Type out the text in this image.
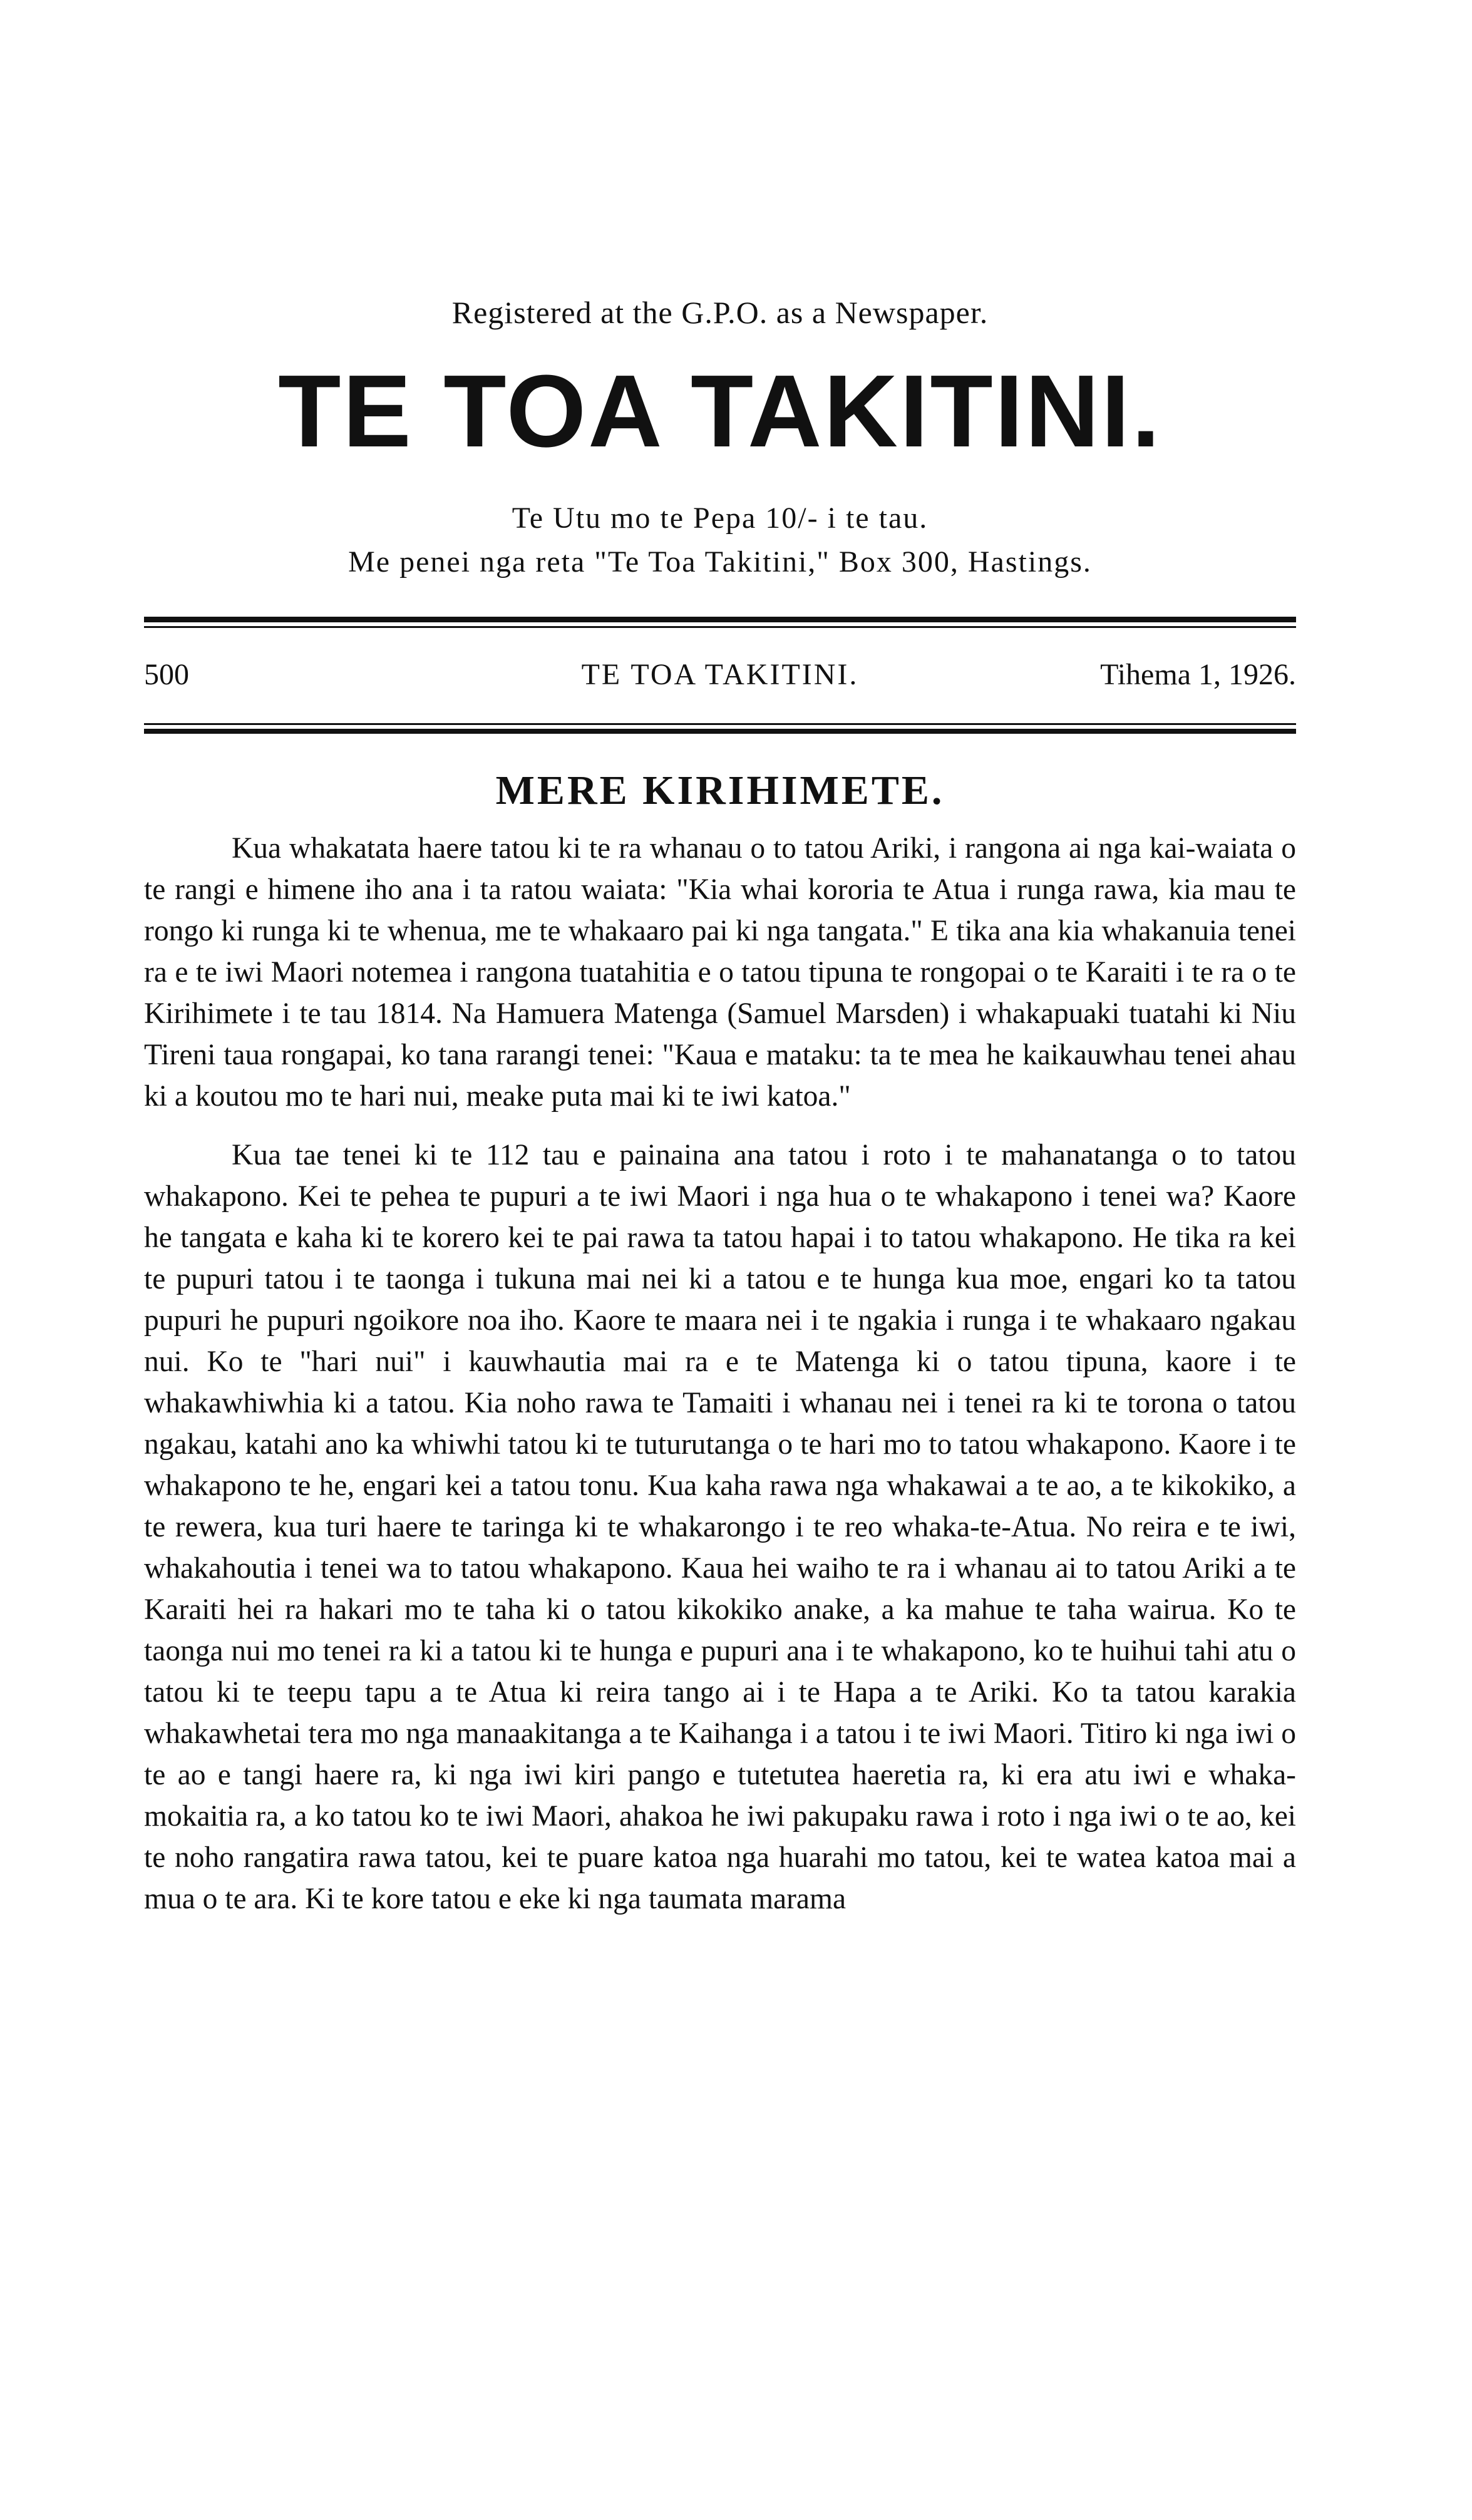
Registered at the G.P.O. as a Newspaper.
TE TOA TAKITINI.
Te Utu mo te Pepa 10/- i te tau.
Me penei nga reta "Te Toa Takitini," Box 300, Hastings.
500	TE TOA TAKITINI.	Tihema 1, 1926.
MERE KIRIHIMETE.

Kua whakatata haere tatou ki te ra whanau o to tatou Ariki, i rangona ai nga kai-waiata o te rangi e himene iho ana i ta ratou waiata: "Kia whai kororia te Atua i runga rawa, kia mau te rongo ki runga ki te whenua, me te whakaaro pai ki nga tangata." E tika ana kia whakanuia tenei ra e te iwi Maori notemea i rangona tuatahitia e o tatou tipuna te rongopai o te Karaiti i te ra o te Kirihimete i te tau 1814. Na Hamuera Matenga (Samuel Marsden) i whakapuaki tuatahi ki Niu Tireni taua rongapai, ko tana rarangi tenei: "Kaua e mataku: ta te mea he kaikauwhau tenei ahau ki a koutou mo te hari nui, meake puta mai ki te iwi katoa."

Kua tae tenei ki te 112 tau e painaina ana tatou i roto i te mahanatanga o to tatou whakapono. Kei te pehea te pupuri a te iwi Maori i nga hua o te whakapono i tenei wa? Kaore he tangata e kaha ki te korero kei te pai rawa ta tatou hapai i to tatou whakapono. He tika ra kei te pupuri tatou i te taonga i tukuna mai nei ki a tatou e te hunga kua moe, engari ko ta tatou pupuri he pupuri ngoikore noa iho. Kaore te maara nei i te ngakia i runga i te whakaaro ngakau nui. Ko te "hari nui" i kauwhautia mai ra e te Matenga ki o tatou tipuna, kaore i te whakawhiwhia ki a tatou. Kia noho rawa te Tamaiti i whanau nei i tenei ra ki te torona o tatou ngakau, katahi ano ka whiwhi tatou ki te tuturutanga o te hari mo to tatou whakapono. Kaore i te whakapono te he, engari kei a tatou tonu. Kua kaha rawa nga whakawai a te ao, a te kikokiko, a te rewera, kua turi haere te taringa ki te whakarongo i te reo whaka-te-Atua. No reira e te iwi, whakahoutia i tenei wa to tatou whakapono. Kaua hei waiho te ra i whanau ai to tatou Ariki a te Karaiti hei ra hakari mo te taha ki o tatou kikokiko anake, a ka mahue te taha wairua. Ko te taonga nui mo tenei ra ki a tatou ki te hunga e pupuri ana i te whakapono, ko te huihui tahi atu o tatou ki te teepu tapu a te Atua ki reira tango ai i te Hapa a te Ariki. Ko ta tatou karakia whakawhetai tera mo nga manaakitanga a te Kaihanga i a tatou i te iwi Maori. Titiro ki nga iwi o te ao e tangi haere ra, ki nga iwi kiri pango e tutetutea haeretia ra, ki era atu iwi e whaka-mokaitia ra, a ko tatou ko te iwi Maori, ahakoa he iwi pakupaku rawa i roto i nga iwi o te ao, kei te noho rangatira rawa tatou, kei te puare katoa nga huarahi mo tatou, kei te watea katoa mai a mua o te ara. Ki te kore tatou e eke ki nga taumata marama
